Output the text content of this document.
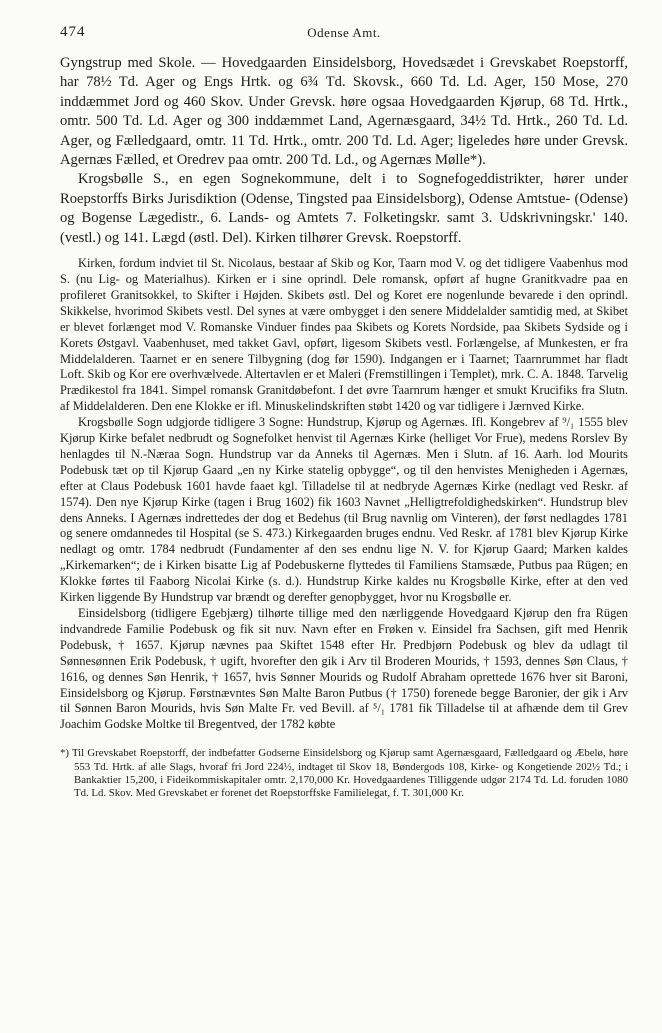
474	Odense Amt.

Gyngstrup med Skole. — Hovedgaarden Einsidelsborg, Hovedsædet i Grevskabet Roepstorff, har 78½ Td. Ager og Engs Hrtk. og 6¾ Td. Skovsk., 660 Td. Ld. Ager, 150 Mose, 270 inddæmmet Jord og 460 Skov. Under Grevsk. høre ogsaa Hovedgaarden Kjørup, 68 Td. Hrtk., omtr. 500 Td. Ld. Ager og 300 inddæmmet Land, Agernæsgaard, 34½ Td. Hrtk., 260 Td. Ld. Ager, og Fælledgaard, omtr. 11 Td. Hrtk., omtr. 200 Td. Ld. Ager; ligeledes høre under Grevsk. Agernæs Fælled, et Oredrev paa omtr. 200 Td. Ld., og Agernæs Mølle*).

Krogsbølle S., en egen Sognekommune, delt i to Sognefogeddistrikter, hører under Roepstorffs Birks Jurisdiktion (Odense, Tingsted paa Einsidelsborg), Odense Amtstue- (Odense) og Bogense Lægedistr., 6. Lands- og Amtets 7. Folketingskr. samt 3. Udskrivningskr.' 140. (vestl.) og 141. Lægd (østl. Del). Kirken tilhører Grevsk. Roepstorff.

Kirken, fordum indviet til St. Nicolaus, bestaar af Skib og Kor, Taarn mod V. og det tidligere Vaabenhus mod S. (nu Lig- og Materialhus). Kirken er i sine oprindl. Dele romansk, opført af hugne Granitkvadre paa en profileret Granitsokkel, to Skifter i Højden. Skibets østl. Del og Koret ere nogenlunde bevarede i den oprindl. Skikkelse, hvorimod Skibets vestl. Del synes at være ombygget i den senere Middelalder samtidig med, at Skibet er blevet forlænget mod V. Romanske Vinduer findes paa Skibets og Korets Nordside, paa Skibets Sydside og i Korets Østgavl. Vaabenhuset, med takket Gavl, opført, ligesom Skibets vestl. Forlængelse, af Munkesten, er fra Middelalderen. Taarnet er en senere Tilbygning (dog før 1590). Indgangen er i Taarnet; Taarnrummet har fladt Loft. Skib og Kor ere overhvælvede. Altertavlen er et Maleri (Fremstillingen i Templet), mrk. C. A. 1848. Tarvelig Prædikestol fra 1841. Simpel romansk Granitdøbefont. I det øvre Taarnrum hænger et smukt Krucifiks fra Slutn. af Middelalderen. Den ene Klokke er ifl. Minuskelindskriften støbt 1420 og var tidligere i Jærnved Kirke.

Krogsbølle Sogn udgjorde tidligere 3 Sogne: Hundstrup, Kjørup og Agernæs. Ifl. Kongebrev af ⁹/₁ 1555 blev Kjørup Kirke befalet nedbrudt og Sognefolket henvist til Agernæs Kirke (helliget Vor Frue), medens Rorslev By henlagdes til N.-Næraa Sogn. Hundstrup var da Anneks til Agernæs. Men i Slutn. af 16. Aarh. lod Mourits Podebusk tæt op til Kjørup Gaard „en ny Kirke statelig opbygge“, og til den henvistes Menigheden i Agernæs, efter at Claus Podebusk 1601 havde faaet kgl. Tilladelse til at nedbryde Agernæs Kirke (nedlagt ved Reskr. af 1574). Den nye Kjørup Kirke (tagen i Brug 1602) fik 1603 Navnet „Helligtrefoldighedskirken“. Hundstrup blev dens Anneks. I Agernæs indrettedes der dog et Bedehus (til Brug navnlig om Vinteren), der først nedlagdes 1781 og senere omdannedes til Hospital (se S. 473.) Kirkegaarden bruges endnu. Ved Reskr. af 1781 blev Kjørup Kirke nedlagt og omtr. 1784 nedbrudt (Fundamenter af den ses endnu lige N. V. for Kjørup Gaard; Marken kaldes „Kirkemarken“; de i Kirken bisatte Lig af Podebuskerne flyttedes til Familiens Stamsæde, Putbus paa Rügen; en Klokke førtes til Faaborg Nicolai Kirke (s. d.). Hundstrup Kirke kaldes nu Krogsbølle Kirke, efter at den ved Kirken liggende By Hundstrup var brændt og derefter genopbygget, hvor nu Krogsbølle er.

Einsidelsborg (tidligere Egebjærg) tilhørte tillige med den nærliggende Hovedgaard Kjørup den fra Rügen indvandrede Familie Podebusk og fik sit nuv. Navn efter en Frøken v. Einsidel fra Sachsen, gift med Henrik Podebusk, † 1657. Kjørup nævnes paa Skiftet 1548 efter Hr. Predbjørn Podebusk og blev da udlagt til Sønnesønnen Erik Podebusk, † ugift, hvorefter den gik i Arv til Broderen Mourids, † 1593, dennes Søn Claus, † 1616, og dennes Søn Henrik, † 1657, hvis Sønner Mourids og Rudolf Abraham oprettede 1676 hver sit Baroni, Einsidelsborg og Kjørup. Førstnævntes Søn Malte Baron Putbus († 1750) forenede begge Baronier, der gik i Arv til Sønnen Baron Mourids, hvis Søn Malte Fr. ved Bevill. af ⁵/₁ 1781 fik Tilladelse til at afhænde dem til Grev Joachim Godske Moltke til Bregentved, der 1782 købte

*) Til Grevskabet Roepstorff, der indbefatter Godserne Einsidelsborg og Kjørup samt Agernæsgaard, Fælledgaard og Æbelø, høre 553 Td. Hrtk. af alle Slags, hvoraf fri Jord 224½, indtaget til Skov 18, Bøndergods 108, Kirke- og Kongetiende 202½ Td.; i Bankaktier 15,200, i Fideikommiskapitaler omtr. 2,170,000 Kr. Hovedgaardenes Tilliggende udgør 2174 Td. Ld. foruden 1080 Td. Ld. Skov. Med Grevskabet er forenet det Roepstorffske Familielegat, f. T. 301,000 Kr.
